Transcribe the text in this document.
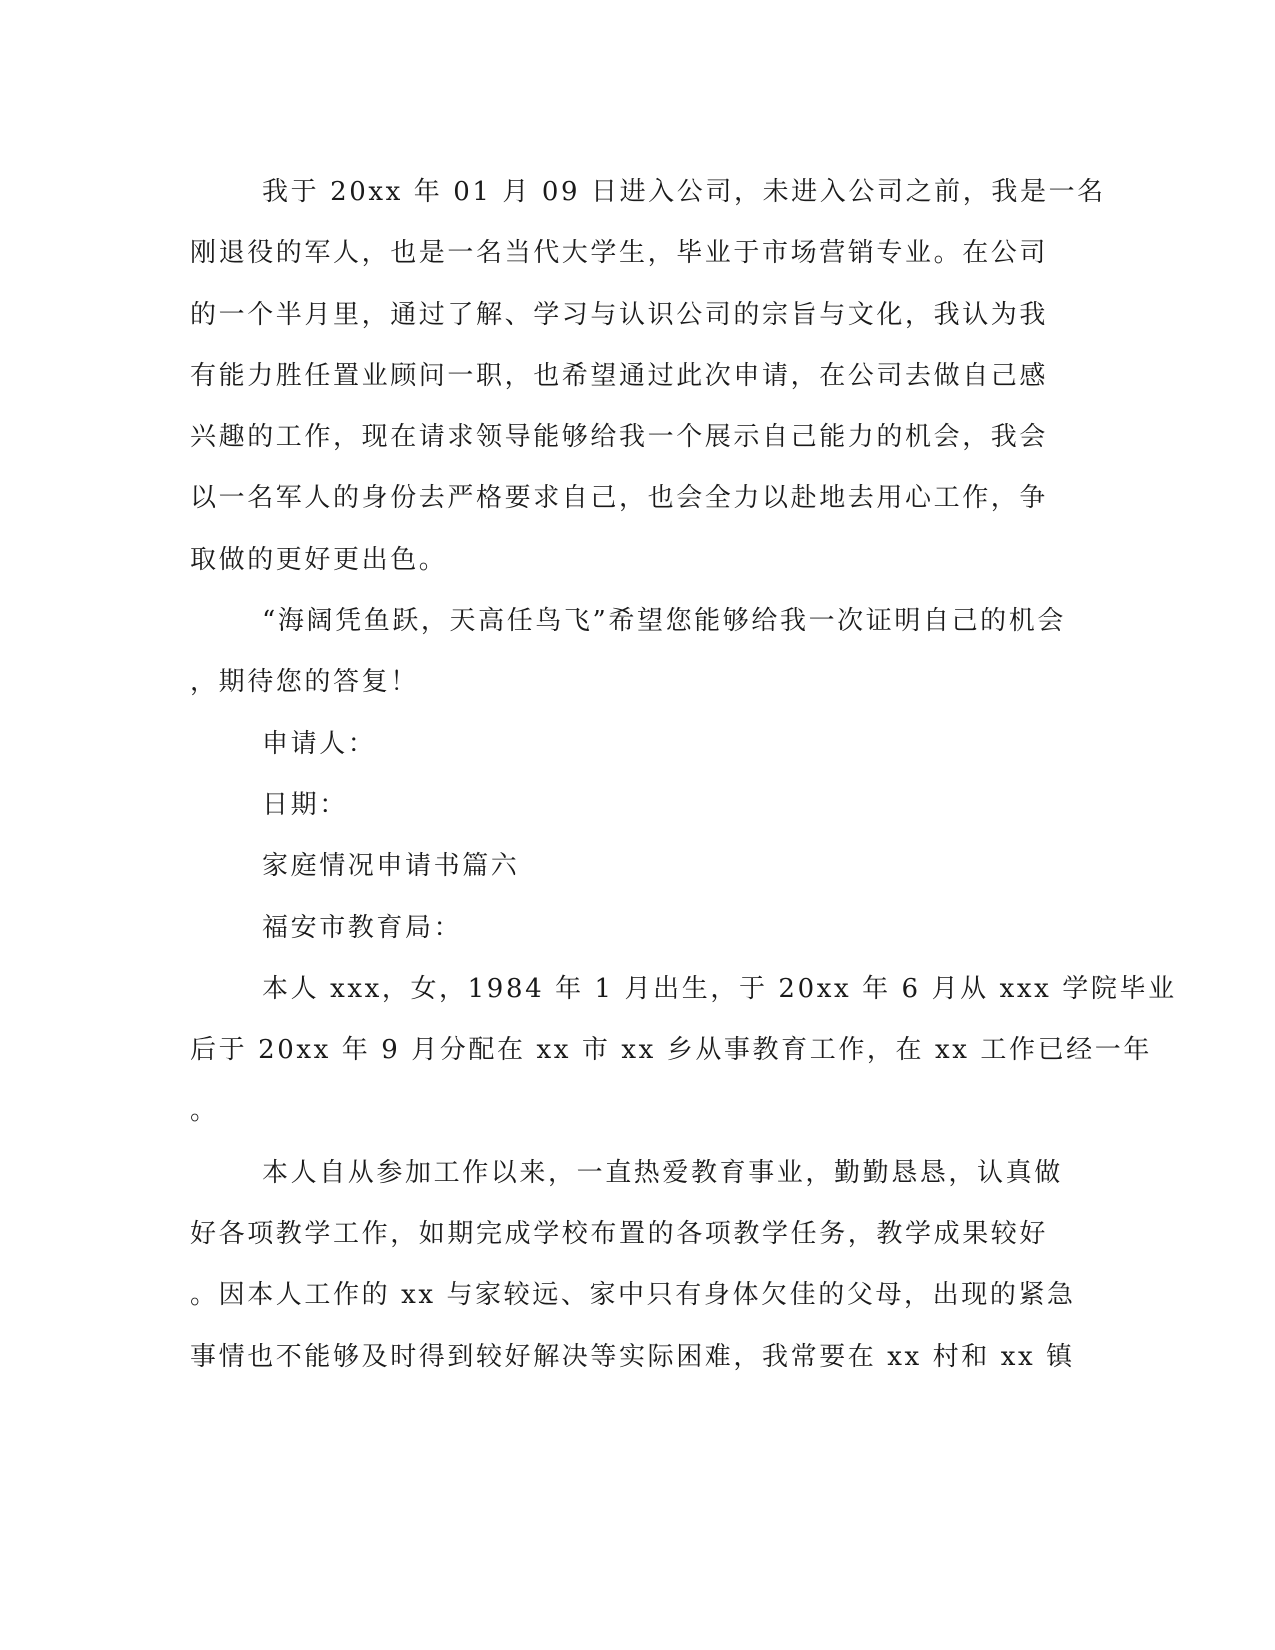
我于 20xx 年 01 月 09 日进入公司，未进入公司之前，我是一名
刚退役的军人，也是一名当代大学生，毕业于市场营销专业。在公司
的一个半月里，通过了解、学习与认识公司的宗旨与文化，我认为我
有能力胜任置业顾问一职，也希望通过此次申请，在公司去做自己感
兴趣的工作，现在请求领导能够给我一个展示自己能力的机会，我会
以一名军人的身份去严格要求自己，也会全力以赴地去用心工作，争
取做的更好更出色。
“海阔凭鱼跃，天高任鸟飞”希望您能够给我一次证明自己的机会
，期待您的答复！
申请人：
日期：
家庭情况申请书篇六
福安市教育局：
本人 xxx，女，1984 年 1 月出生，于 20xx 年 6 月从 xxx 学院毕业
后于 20xx 年 9 月分配在 xx 市 xx 乡从事教育工作，在 xx 工作已经一年
。
本人自从参加工作以来，一直热爱教育事业，勤勤恳恳，认真做
好各项教学工作，如期完成学校布置的各项教学任务，教学成果较好
。因本人工作的 xx 与家较远、家中只有身体欠佳的父母，出现的紧急
事情也不能够及时得到较好解决等实际困难，我常要在 xx 村和 xx 镇
